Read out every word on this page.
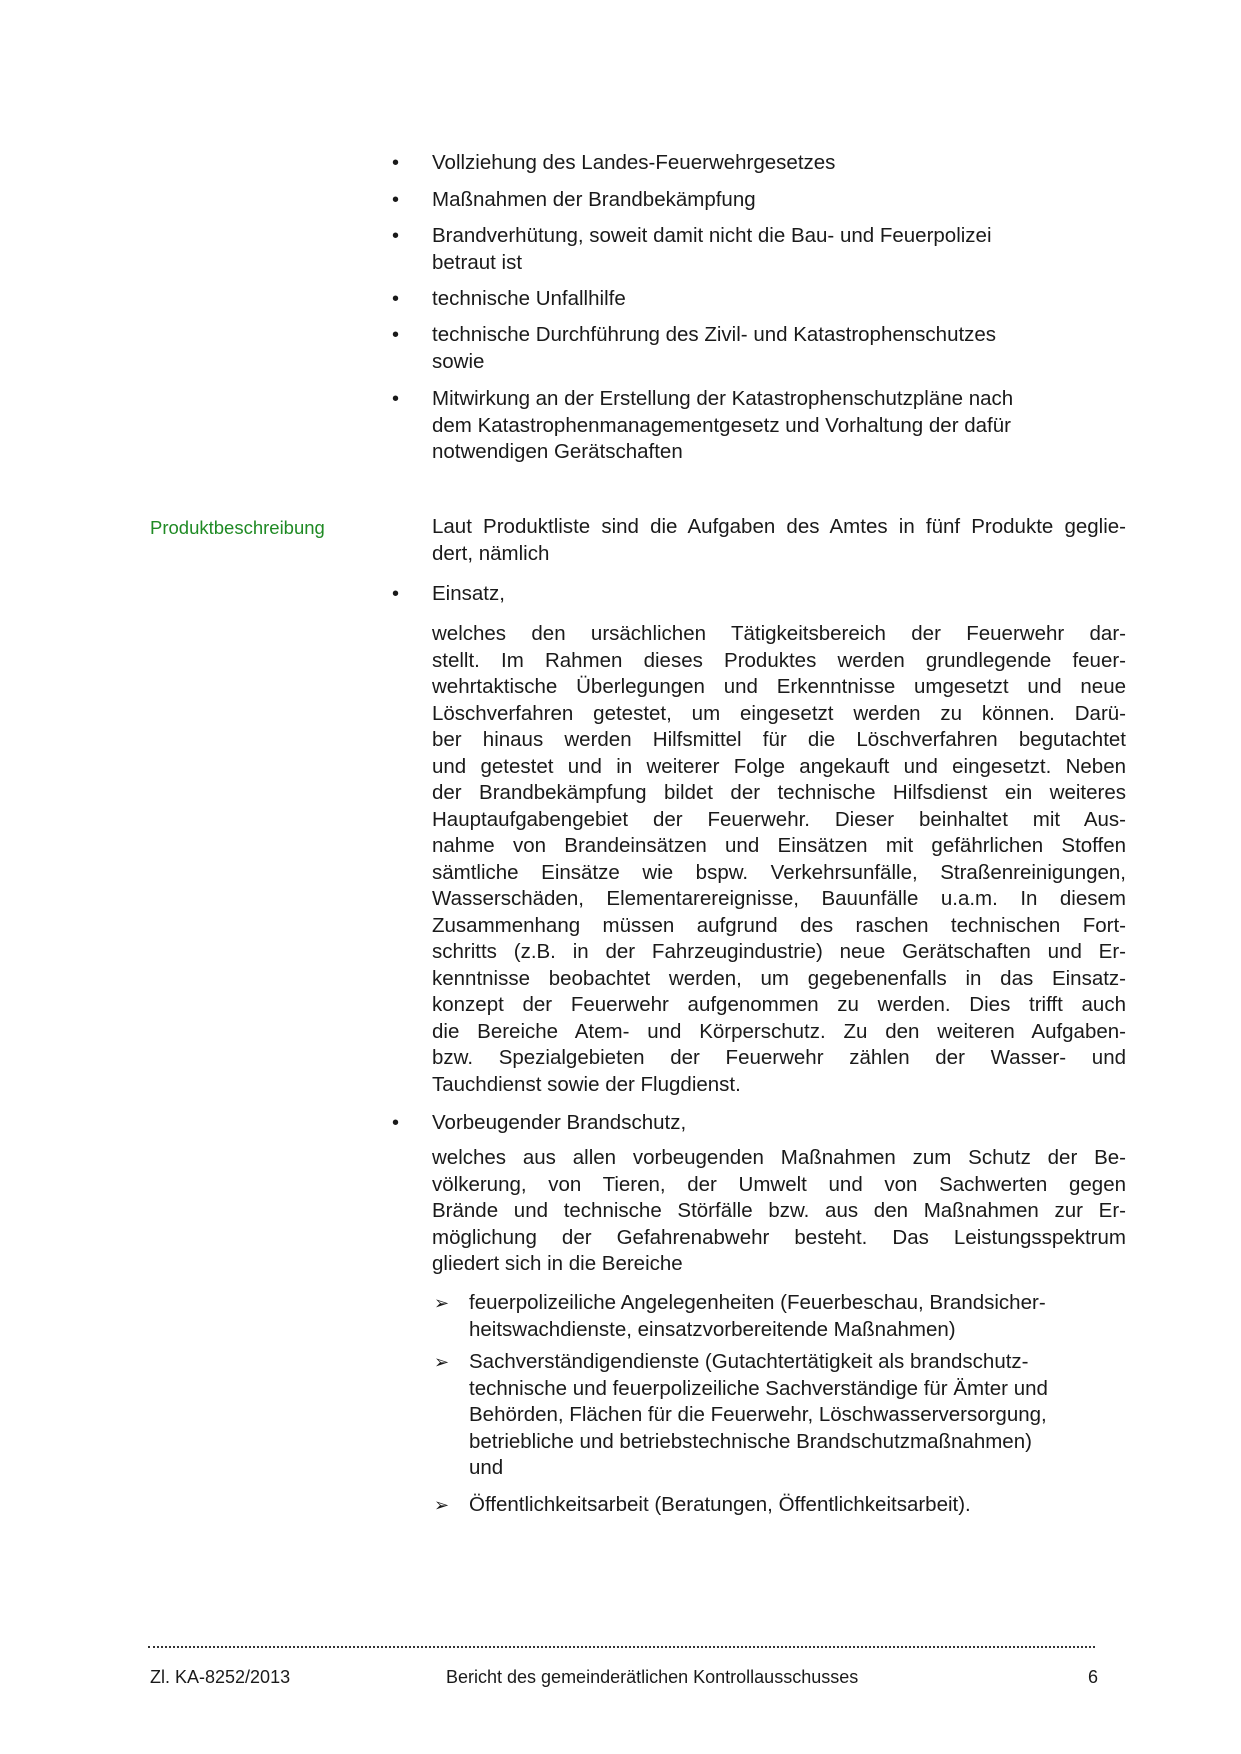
• Vollziehung des Landes-Feuerwehrgesetzes
• Maßnahmen der Brandbekämpfung
• Brandverhütung, soweit damit nicht die Bau- und Feuerpolizei
betraut ist
• technische Unfallhilfe
• technische Durchführung des Zivil- und Katastrophenschutzes
sowie
• Mitwirkung an der Erstellung der Katastrophenschutzpläne nach
dem Katastrophenmanagementgesetz und Vorhaltung der dafür
notwendigen Gerätschaften
Laut Produktliste sind die Aufgaben des Amtes in fünf Produkte geglie-
dert, nämlich
• Einsatz,
welches den ursächlichen Tätigkeitsbereich der Feuerwehr dar-
stellt. Im Rahmen dieses Produktes werden grundlegende feuer-
wehrtaktische Überlegungen und Erkenntnisse umgesetzt und neue
Löschverfahren getestet, um eingesetzt werden zu können. Darü-
ber hinaus werden Hilfsmittel für die Löschverfahren begutachtet
und getestet und in weiterer Folge angekauft und eingesetzt. Neben
der Brandbekämpfung bildet der technische Hilfsdienst ein weiteres
Hauptaufgabengebiet der Feuerwehr. Dieser beinhaltet mit Aus-
nahme von Brandeinsätzen und Einsätzen mit gefährlichen Stoffen
sämtliche Einsätze wie bspw. Verkehrsunfälle, Straßenreinigungen,
Wasserschäden, Elementarereignisse, Bauunfälle u.a.m. In diesem
Zusammenhang müssen aufgrund des raschen technischen Fort-
schritts (z.B. in der Fahrzeugindustrie) neue Gerätschaften und Er-
kenntnisse beobachtet werden, um gegebenenfalls in das Einsatz-
konzept der Feuerwehr aufgenommen zu werden. Dies trifft auch
die Bereiche Atem- und Körperschutz. Zu den weiteren Aufgaben-
bzw. Spezialgebieten der Feuerwehr zählen der Wasser- und
Tauchdienst sowie der Flugdienst.
• Vorbeugender Brandschutz,
welches aus allen vorbeugenden Maßnahmen zum Schutz der Be-
völkerung, von Tieren, der Umwelt und von Sachwerten gegen
Brände und technische Störfälle bzw. aus den Maßnahmen zur Er-
möglichung der Gefahrenabwehr besteht. Das Leistungsspektrum
gliedert sich in die Bereiche
➢ feuerpolizeiliche Angelegenheiten (Feuerbeschau, Brandsicher-
heitswachdienste, einsatzvorbereitende Maßnahmen)
➢ Sachverständigendienste (Gutachtertätigkeit als brandschutz-
technische und feuerpolizeiliche Sachverständige für Ämter und
Behörden, Flächen für die Feuerwehr, Löschwasserversorgung,
betriebliche und betriebstechnische Brandschutzmaßnahmen)
und
➢ Öffentlichkeitsarbeit (Beratungen, Öffentlichkeitsarbeit).
Produktbeschreibung
Zl. KA-8252/2013	Bericht des gemeinderätlichen Kontrollausschusses	6
